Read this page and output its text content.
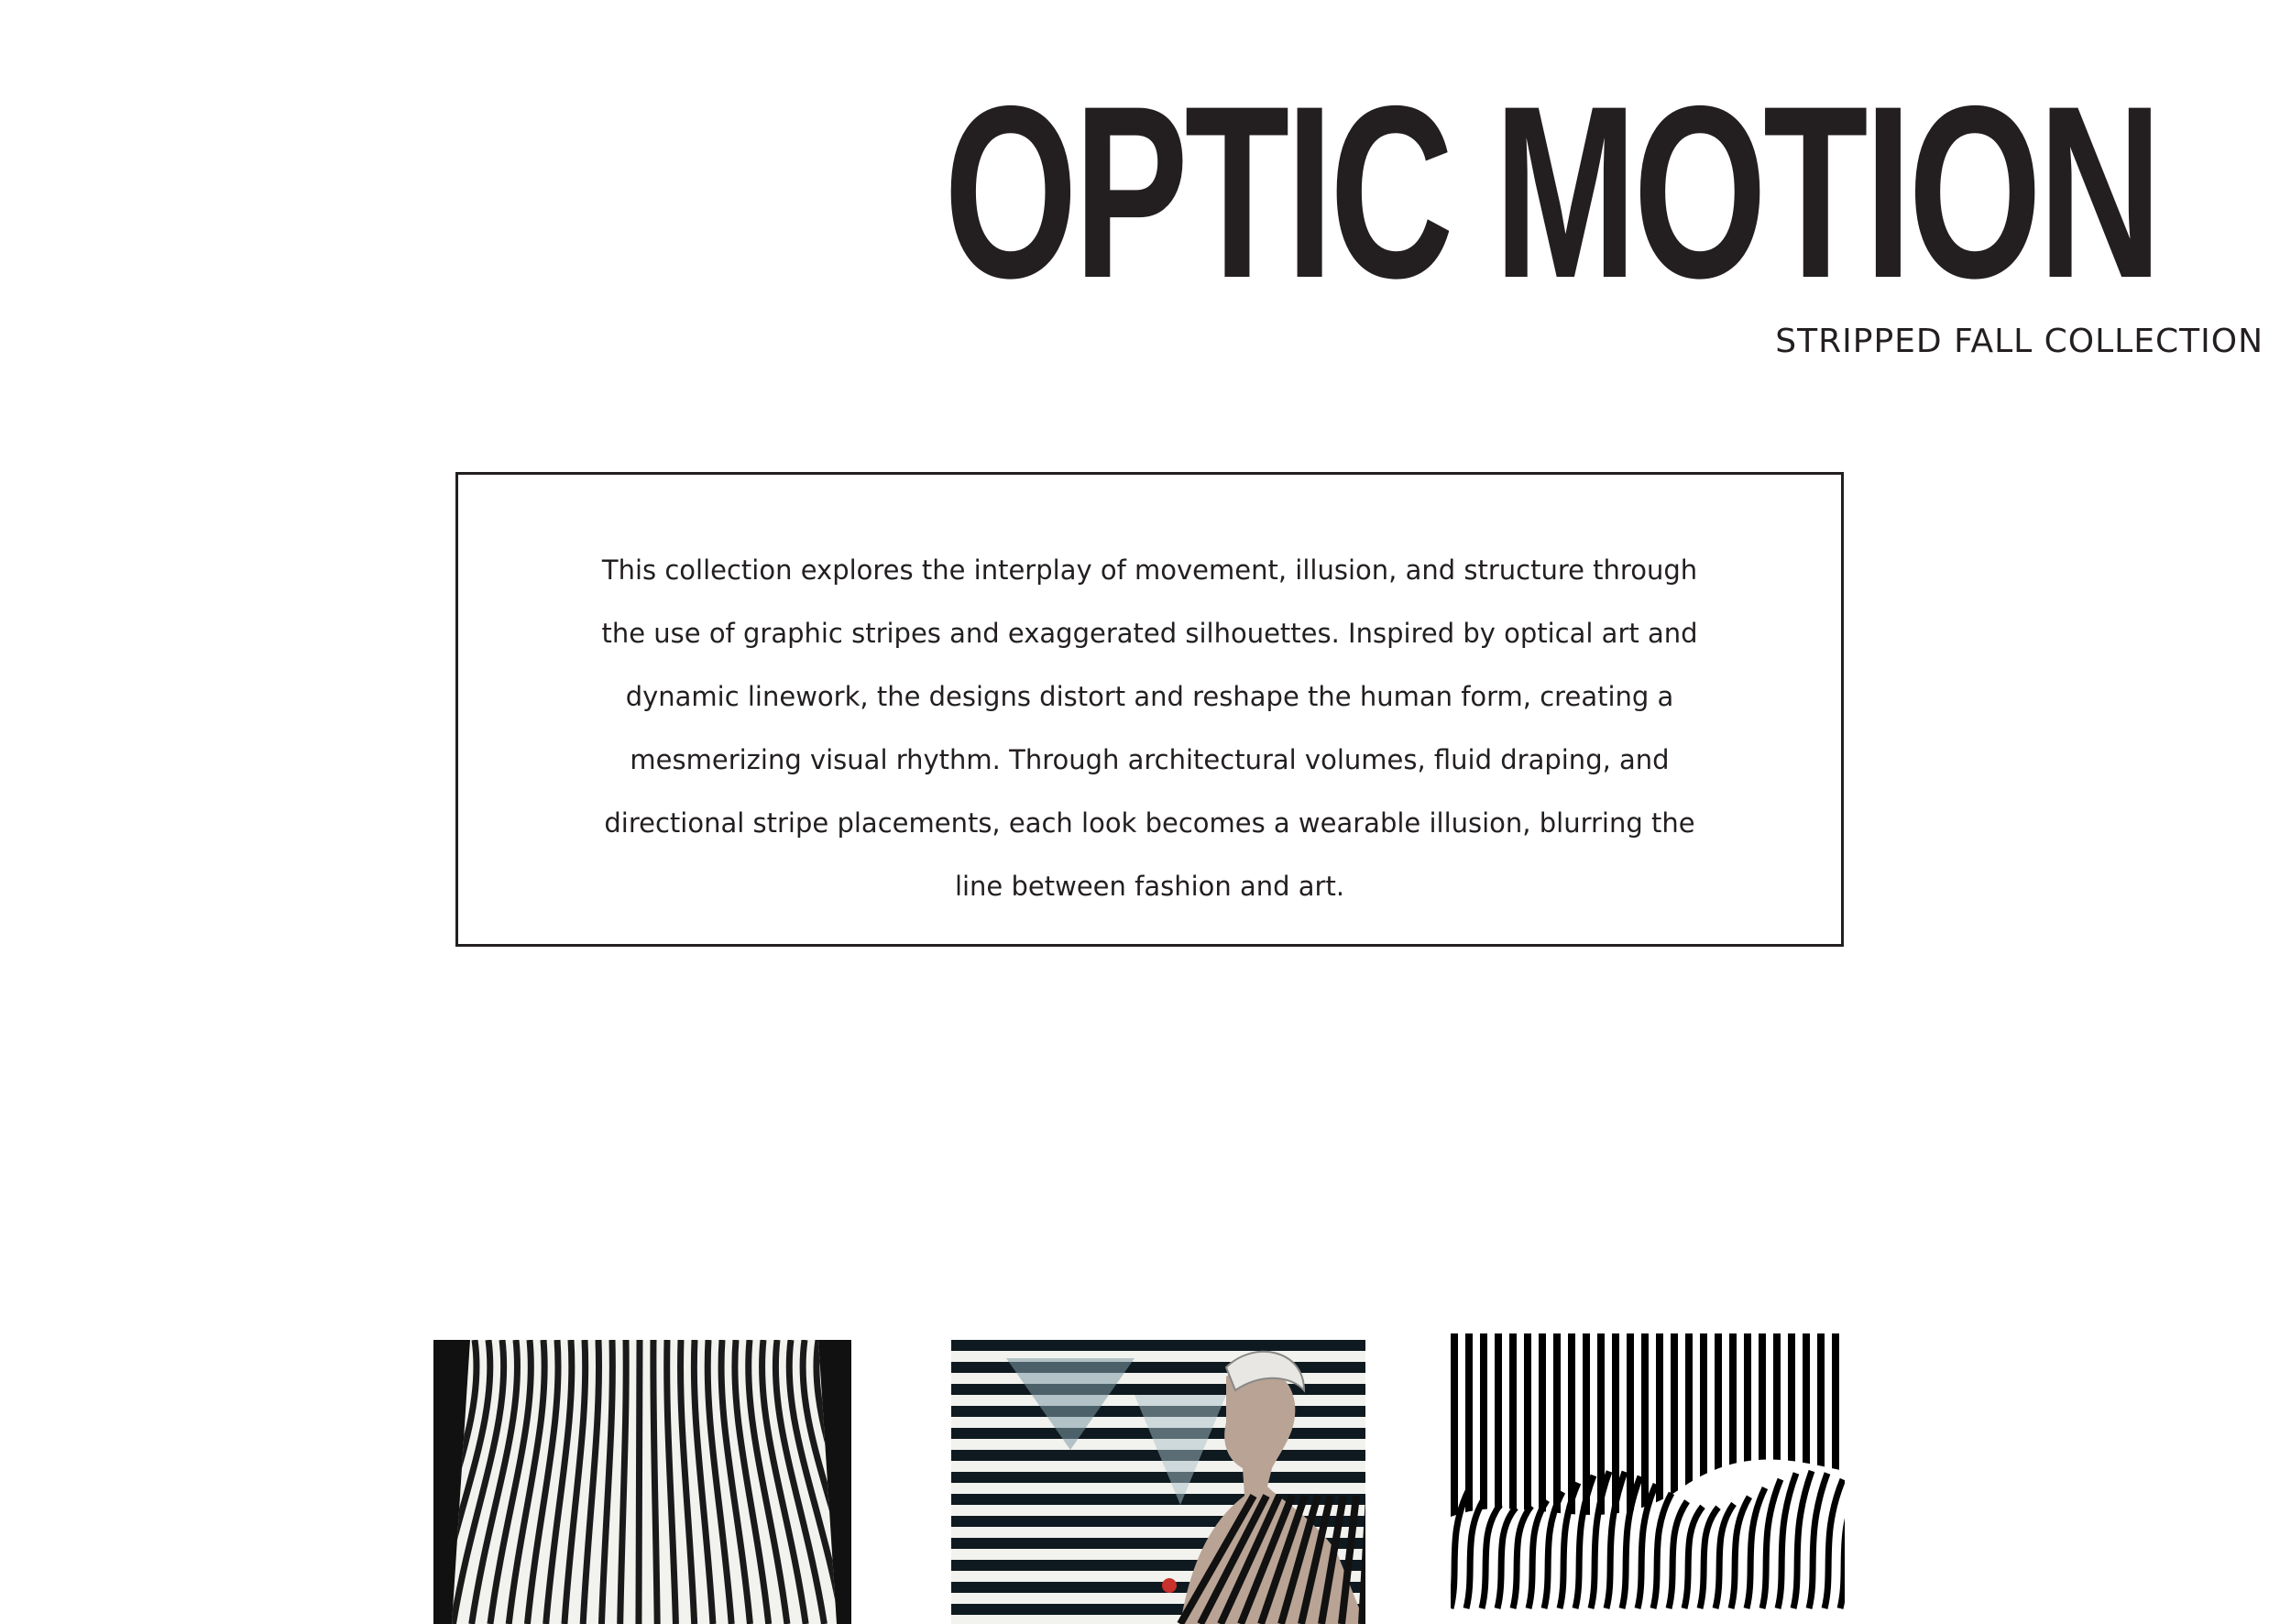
OPTIC MOTION
STRIPPED FALL COLLECTION
This collection explores the interplay of movement, illusion, and structure through
the use of graphic stripes and exaggerated silhouettes. Inspired by optical art and
dynamic linework, the designs distort and reshape the human form, creating a
mesmerizing visual rhythm. Through architectural volumes, fluid draping, and
directional stripe placements, each look becomes a wearable illusion, blurring the
line between fashion and art.
